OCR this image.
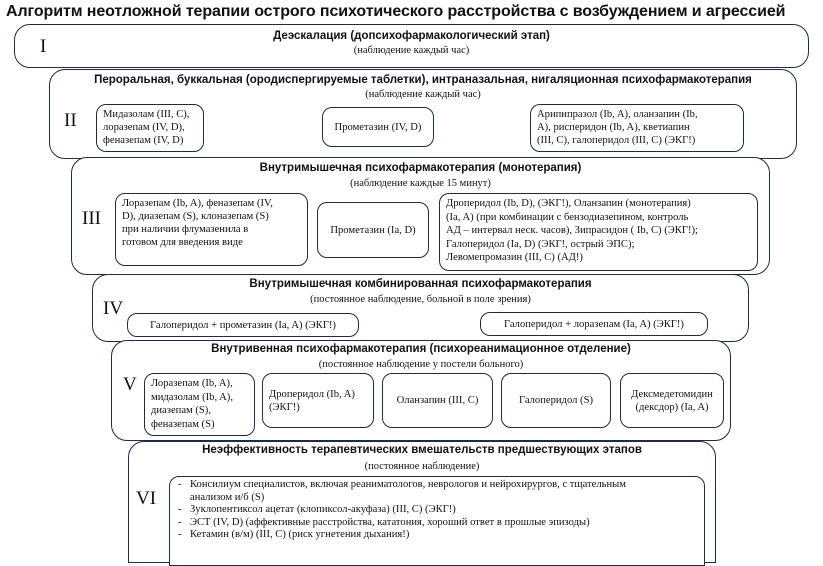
Алгоритм неотложной терапии острого психотического расстройства с возбуждением и агрессией
I	Деэскалация (допсихофармакологический этап)
(наблюдение каждый час)
II
Пероральная, буккальная (ородиспергируемые таблетки), интраназальная, нигаляционная психофармакотерапия
(наблюдение каждый час)
Мидазолам (III, C),
лоразепам (IV, D),
феназепам (IV, D)
Прометазин (IV, D)
Арипипразол (Ib, A), оланзапин (Ib,
A), рисперидон (Ib, A), кветиапин
(III, C), галоперидол (III, C) (ЭКГ!)
III
Внутримышечная психофармакотерапия (монотерапия)
(наблюдение каждые 15 минут)
Лоразепам (Ib, A), феназепам (IV,
D), диазепам (S), клоназепам (S)
при наличии флумазенила в
готовом для введения виде
Прометазин (Ia, D)
Дроперидол (Ib, D), (ЭКГ!), Оланзапин (монотерапия)
(Ia, A) (при комбинации с бензодиазепином, контроль
АД – интервал неск. часов), Зипрасидон ( Ib, C) (ЭКГ!);
Галоперидол (Ia, D) (ЭКГ!, острый ЭПС);
Левомепромазин (III, C) (АД!)
IV
Внутримышечная комбинированная психофармакотерапия
(постоянное наблюдение, больной в поле зрения)
Галоперидол + прометазин (Ia, A) (ЭКГ!)	Галоперидол + лоразепам (Ia, A) (ЭКГ!)
V
Внутривенная психофармакотерапия (психореанимационное отделение)
(постоянное наблюдение у постели больного)
Лоразепам (Ib, A),
мидазолам (Ib, A),
диазепам (S),
феназепам (S)
Дроперидол (Ib, A)
(ЭКГ!)
Оланзапин (III, C)	Галоперидол (S)
Дексмедетомидин
(дексдор) (Ia, A)
VI
Неэффективность терапевтических вмешательств предшествующих этапов
(постоянное наблюдение)
- Консилиум специалистов, включая реаниматологов, неврологов и нейрохирургов, с тщательным
анализом и/б (S)
- Зуклопентиксол ацетат (клопиксол-акуфаза) (III, C) (ЭКГ!)
- ЭСТ (IV, D) (аффективные расстройства, кататония, хороший ответ в прошлые эпизоды)
- Кетамин (в/м) (III, C) (риск угнетения дыхания!)
